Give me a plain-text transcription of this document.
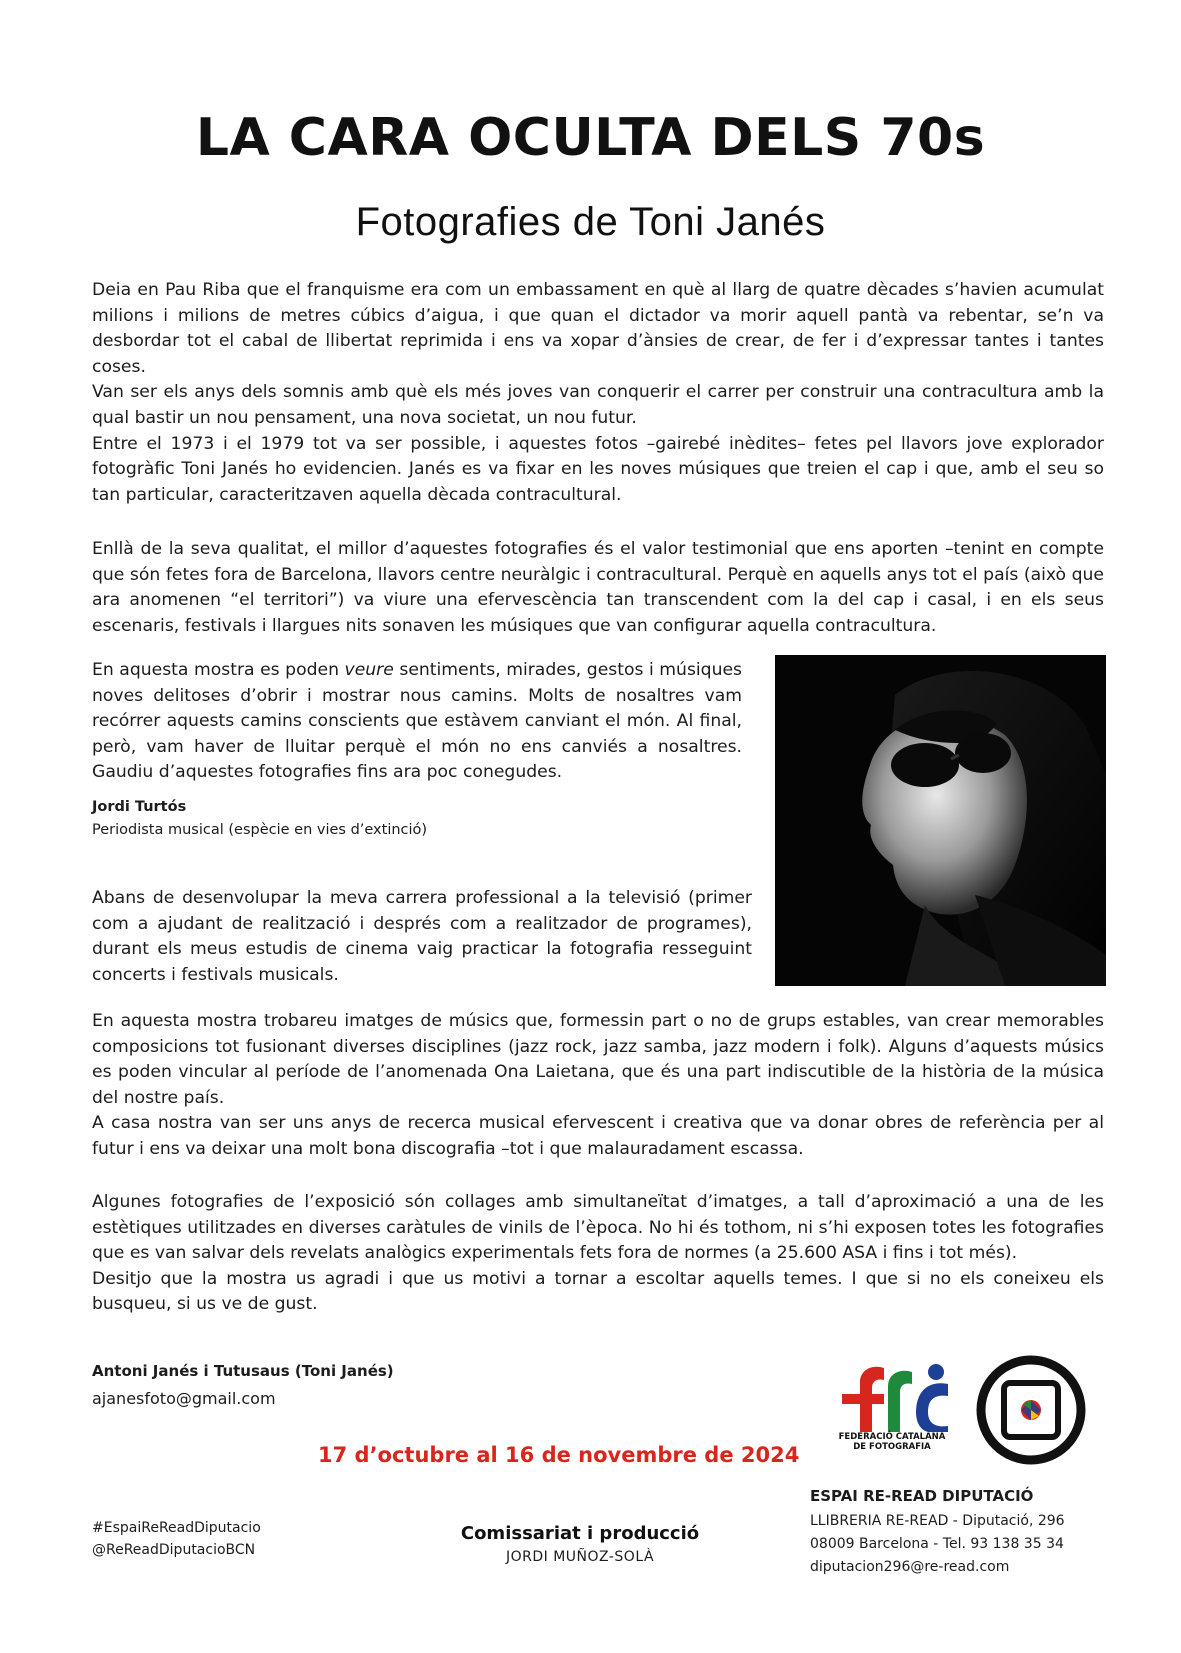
LA CARA OCULTA DELS 70s
Fotografies de Toni Janés

Deia en Pau Riba que el franquisme era com un embassament en què al llarg de quatre dècades s’havien acumulat milions i milions de metres cúbics d’aigua, i que quan el dictador va morir aquell pantà va rebentar, se’n va desbordar tot el cabal de llibertat reprimida i ens va xopar d’ànsies de crear, de fer i d’expressar tantes i tantes coses.
Van ser els anys dels somnis amb què els més joves van conquerir el carrer per construir una contracultura amb la qual bastir un nou pensament, una nova societat, un nou futur.
Entre el 1973 i el 1979 tot va ser possible, i aquestes fotos –gairebé inèdites– fetes pel llavors jove explorador fotogràfic Toni Janés ho evidencien. Janés es va fixar en les noves músiques que treien el cap i que, amb el seu so tan particular, caracteritzaven aquella dècada contracultural.

Enllà de la seva qualitat, el millor d’aquestes fotografies és el valor testimonial que ens aporten –tenint en compte que són fetes fora de Barcelona, llavors centre neuràlgic i contracultural. Perquè en aquells anys tot el país (això que ara anomenen “el territori”) va viure una efervescència tan transcendent com la del cap i casal, i en els seus escenaris, festivals i llargues nits sonaven les músiques que van configurar aquella contracultura.

En aquesta mostra es poden veure sentiments, mirades, gestos i músiques noves delitoses d’obrir i mostrar nous camins. Molts de nosaltres vam recórrer aquests camins conscients que estàvem canviant el món. Al final, però, vam haver de lluitar perquè el món no ens canviés a nosaltres. Gaudiu d’aquestes fotografies fins ara poc conegudes.

Jordi Turtós
Periodista musical (espècie en vies d’extinció)

Abans de desenvolupar la meva carrera professional a la televisió (primer com a ajudant de realització i després com a realitzador de programes), durant els meus estudis de cinema vaig practicar la fotografia resseguint concerts i festivals musicals.

En aquesta mostra trobareu imatges de músics que, formessin part o no de grups estables, van crear memorables composicions tot fusionant diverses disciplines (jazz rock, jazz samba, jazz modern i folk). Alguns d’aquests músics es poden vincular al període de l’anomenada Ona Laietana, que és una part indiscutible de la història de la música del nostre país.
A casa nostra van ser uns anys de recerca musical efervescent i creativa que va donar obres de referència per al futur i ens va deixar una molt bona discografia –tot i que malauradament escassa.

Algunes fotografies de l’exposició són collages amb simultaneïtat d’imatges, a tall d’aproximació a una de les estètiques utilitzades en diverses caràtules de vinils de l’època. No hi és tothom, ni s’hi exposen totes les fotografies que es van salvar dels revelats analògics experimentals fets fora de normes (a 25.600 ASA i fins i tot més).
Desitjo que la mostra us agradi i que us motivi a tornar a escoltar aquells temes. I que si no els coneixeu els busqueu, si us ve de gust.

Antoni Janés i Tutusaus (Toni Janés)
ajanesfoto@gmail.com
17 d’octubre al 16 de novembre de 2024
FEDERACIÓ CATALANA
DE FOTOGRAFIA
#EspaiReReadDiputacio
@ReReadDiputacioBCN
Comissariat i producció
JORDI MUÑOZ-SOLÀ
ESPAI RE-READ DIPUTACIÓ
LLIBRERIA RE-READ - Diputació, 296
08009 Barcelona - Tel. 93 138 35 34
diputacion296@re-read.com
